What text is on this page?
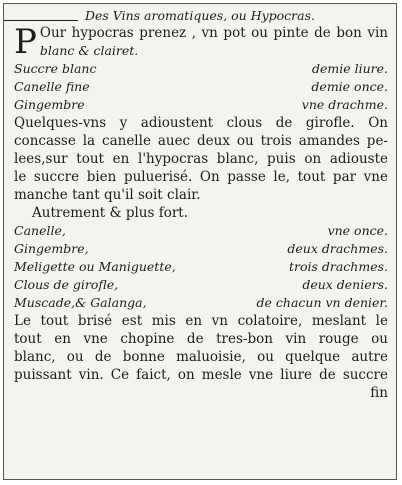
Des Vins aromatiques, ou Hypocras.
P Our hypocras prenez , vn pot ou pinte de bon vin
blanc & clairet.
Succre blanc	demie liure.
Canelle fine	demie once.
Gingembre	vne drachme.
Quelques-vns y adioustent clous de girofle. On
concasse la canelle auec deux ou trois amandes pe-
lees,sur tout en l'hypocras blanc, puis on adiouste
le succre bien puluerisé. On passe le, tout par vne
manche tant qu'il soit clair.
Autrement & plus fort.
Canelle,	vne once.
Gingembre,	deux drachmes.
Meligette ou Maniguette,	trois drachmes.
Clous de girofle,	deux deniers.
Muscade,& Galanga,	de chacun vn denier.
Le tout brisé est mis en vn colatoire, meslant le
tout en vne chopine de tres-bon vin rouge ou
blanc, ou de bonne maluoisie, ou quelque autre
puissant vin. Ce faict, on mesle vne liure de succre
fin
